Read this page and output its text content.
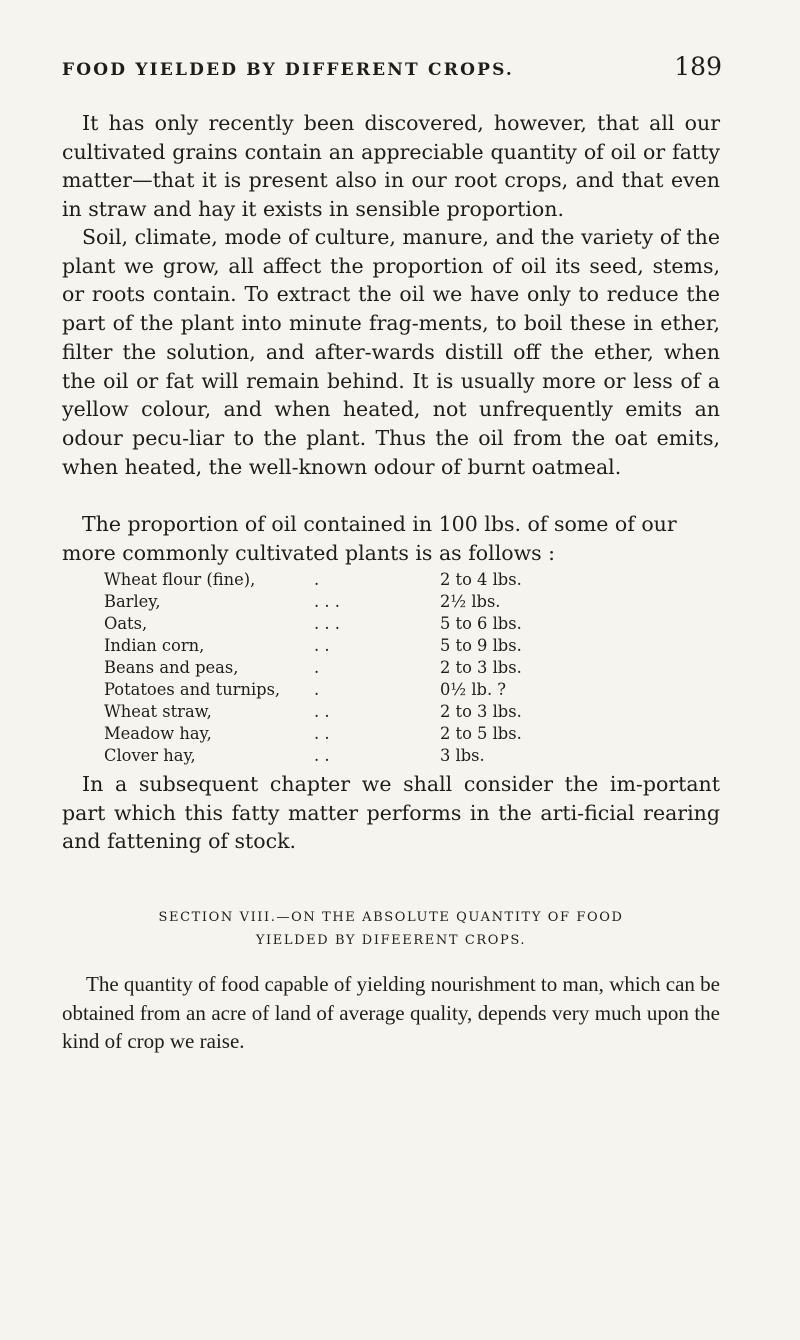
FOOD YIELDED BY DIFFERENT CROPS.	189

It has only recently been discovered, however, that all our cultivated grains contain an appreciable quantity of oil or fatty matter—that it is present also in our root crops, and that even in straw and hay it exists in sensible proportion.

Soil, climate, mode of culture, manure, and the variety of the plant we grow, all affect the proportion of oil its seed, stems, or roots contain. To extract the oil we have only to reduce the part of the plant into minute frag-ments, to boil these in ether, filter the solution, and after-wards distill off the ether, when the oil or fat will remain behind. It is usually more or less of a yellow colour, and when heated, not unfrequently emits an odour pecu-liar to the plant. Thus the oil from the oat emits, when heated, the well-known odour of burnt oatmeal.

The proportion of oil contained in 100 lbs. of some of our more commonly cultivated plants is as follows :

Wheat flour (fine),	.	2 to 4 lbs.
Barley,	. . .	2½ lbs.
Oats,	. . .	5 to 6 lbs.
Indian corn,	. .	5 to 9 lbs.
Beans and peas,	.	2 to 3 lbs.
Potatoes and turnips, .	0½ lb. ?
Wheat straw,	. .	2 to 3 lbs.
Meadow hay,	. .	2 to 5 lbs.
Clover hay,	. .	3 lbs.

In a subsequent chapter we shall consider the im-portant part which this fatty matter performs in the arti-ficial rearing and fattening of stock.

SECTION VIII.—ON THE ABSOLUTE QUANTITY OF FOOD
YIELDED BY DIFEERENT CROPS.

The quantity of food capable of yielding nourishment to man, which can be obtained from an acre of land of average quality, depends very much upon the kind of crop we raise.
